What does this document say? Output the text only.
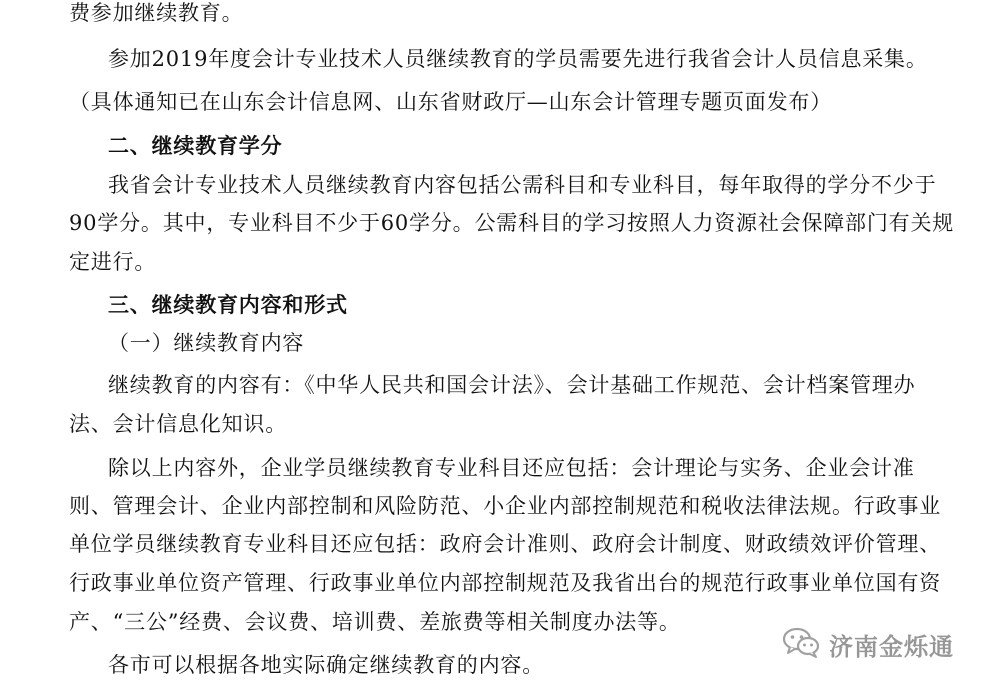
费参加继续教育。
参加2019年度会计专业技术人员继续教育的学员需要先进行我省会计人员信息采集。
（具体通知已在山东会计信息网、山东省财政厅—山东会计管理专题页面发布）
二、继续教育学分
我省会计专业技术人员继续教育内容包括公需科目和专业科目，每年取得的学分不少于
90学分。其中，专业科目不少于60学分。公需科目的学习按照人力资源社会保障部门有关规
定进行。
三、继续教育内容和形式
（一）继续教育内容
继续教育的内容有：《中华人民共和国会计法》、会计基础工作规范、会计档案管理办
法、会计信息化知识。
除以上内容外，企业学员继续教育专业科目还应包括：会计理论与实务、企业会计准
则、管理会计、企业内部控制和风险防范、小企业内部控制规范和税收法律法规。行政事业
单位学员继续教育专业科目还应包括：政府会计准则、政府会计制度、财政绩效评价管理、
行政事业单位资产管理、行政事业单位内部控制规范及我省出台的规范行政事业单位国有资
产、“三公”经费、会议费、培训费、差旅费等相关制度办法等。
各市可以根据各地实际确定继续教育的内容。
济南金烁通
